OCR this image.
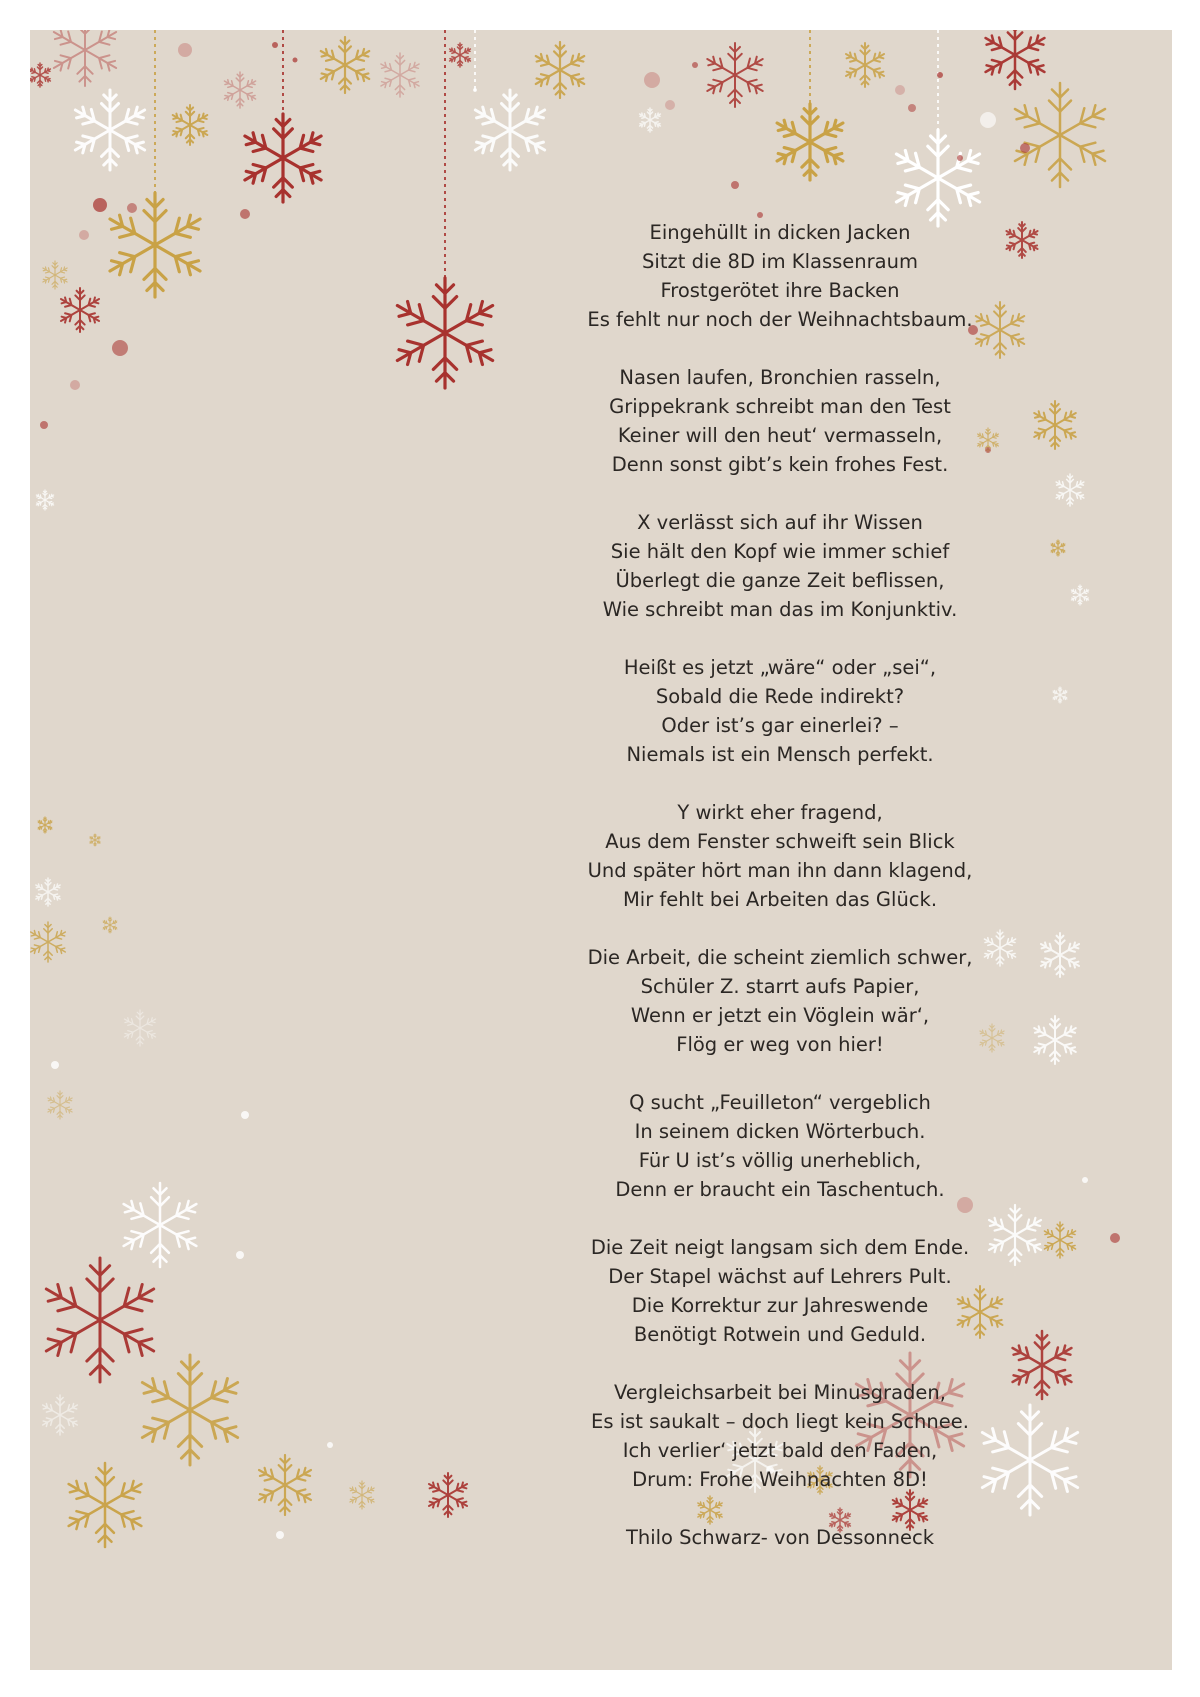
Eingehüllt in dicken Jacken
Sitzt die 8D im Klassenraum
Frostgerötet ihre Backen
Es fehlt nur noch der Weihnachtsbaum.
Nasen laufen, Bronchien rasseln,
Grippekrank schreibt man den Test
Keiner will den heut‘ vermasseln,
Denn sonst gibt’s kein frohes Fest.
X verlässt sich auf ihr Wissen
Sie hält den Kopf wie immer schief
Überlegt die ganze Zeit beflissen,
Wie schreibt man das im Konjunktiv.
Heißt es jetzt „wäre“ oder „sei“,
Sobald die Rede indirekt?
Oder ist’s gar einerlei? –
Niemals ist ein Mensch perfekt.
Y wirkt eher fragend,
Aus dem Fenster schweift sein Blick
Und später hört man ihn dann klagend,
Mir fehlt bei Arbeiten das Glück.
Die Arbeit, die scheint ziemlich schwer,
Schüler Z. starrt aufs Papier,
Wenn er jetzt ein Vöglein wär‘,
Flög er weg von hier!
Q sucht „Feuilleton“ vergeblich
In seinem dicken Wörterbuch.
Für U ist’s völlig unerheblich,
Denn er braucht ein Taschentuch.
Die Zeit neigt langsam sich dem Ende.
Der Stapel wächst auf Lehrers Pult.
Die Korrektur zur Jahreswende
Benötigt Rotwein und Geduld.
Vergleichsarbeit bei Minusgraden,
Es ist saukalt – doch liegt kein Schnee.
Ich verlier‘ jetzt bald den Faden,
Drum: Frohe Weihnachten 8D!
Thilo Schwarz- von Dessonneck
